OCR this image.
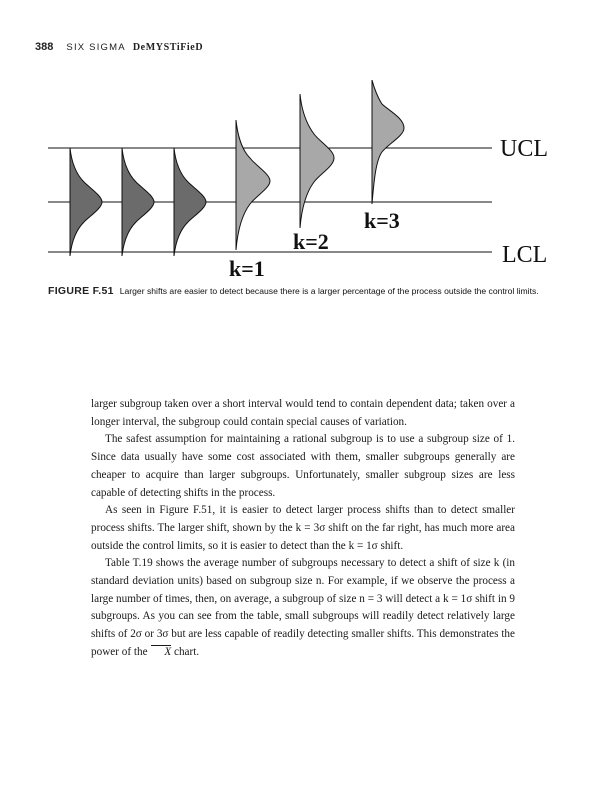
388 SIX SIGMA DeMYSTiFieD
UCL
LCL
k=1
k=2
k=3
FIGURE F.51 Larger shifts are easier to detect because there is a larger percentage of the process outside the control limits.

larger subgroup taken over a short interval would tend to contain dependent data; taken over a longer interval, the subgroup could contain special causes of variation.

The safest assumption for maintaining a rational subgroup is to use a subgroup size of 1. Since data usually have some cost associated with them, smaller subgroups generally are cheaper to acquire than larger subgroups. Unfortunately, smaller subgroup sizes are less capable of detecting shifts in the process.

As seen in Figure F.51, it is easier to detect larger process shifts than to detect smaller process shifts. The larger shift, shown by the k = 3σ shift on the far right, has much more area outside the control limits, so it is easier to detect than the k = 1σ shift.

Table T.19 shows the average number of subgroups necessary to detect a shift of size k (in standard deviation units) based on subgroup size n. For example, if we observe the process a large number of times, then, on average, a subgroup of size n = 3 will detect a k = 1σ shift in 9 subgroups. As you can see from the table, small subgroups will readily detect relatively large shifts of 2σ or 3σ but are less capable of readily detecting smaller shifts. This demonstrates the power of the X chart.
